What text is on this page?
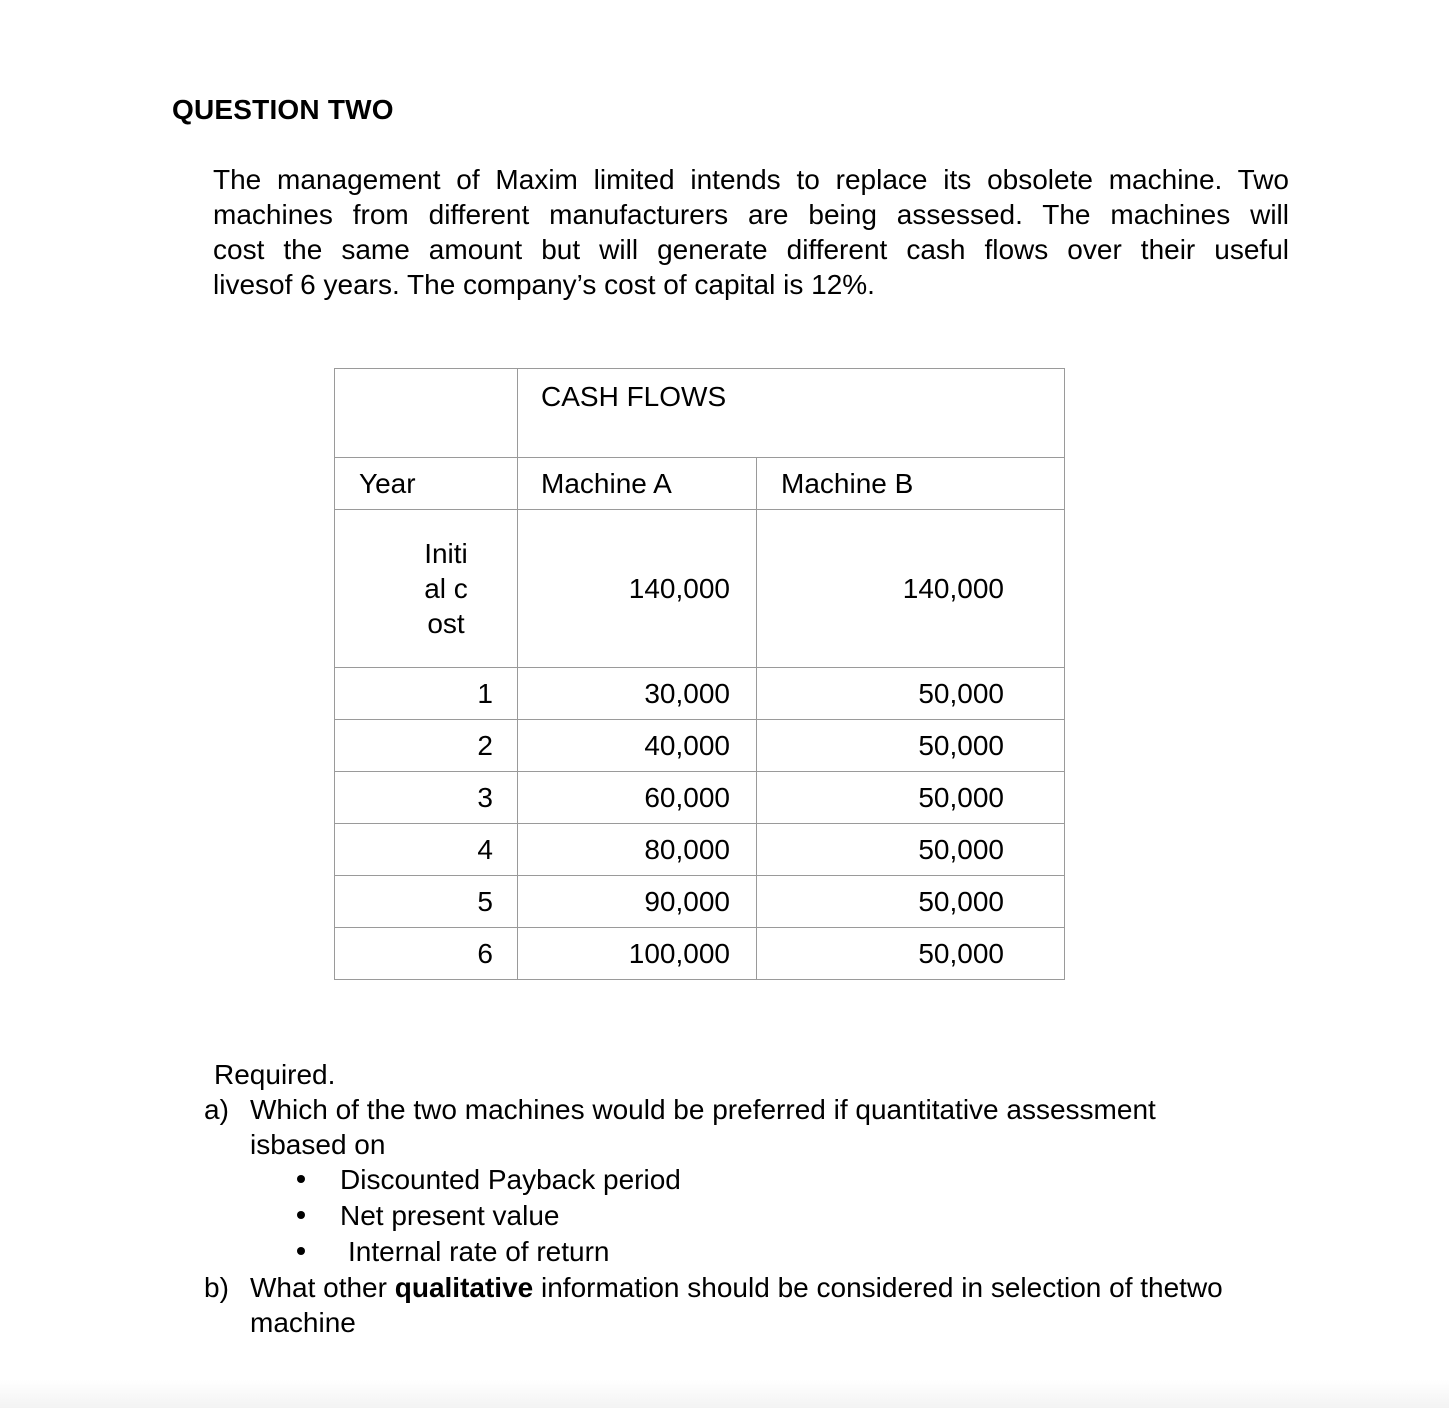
QUESTION TWO
The management of Maxim limited intends to replace its obsolete machine. Two
machines from different manufacturers are being assessed. The machines will
cost the same amount but will generate different cash flows over their useful
livesof 6 years. The company’s cost of capital is 12%.
	CASH FLOWS	
Year	Machine A	Machine B

Initial cost	140,000	140,000
1	30,000	50,000
2	40,000	50,000
3	60,000	50,000
4	80,000	50,000
5	90,000	50,000
6	100,000	50,000
Required.
a) Which of the two machines would be preferred if quantitative assessment isbased on
Discounted Payback period
Net present value
Internal rate of return
b) What other qualitative information should be considered in selection of thetwo machine
